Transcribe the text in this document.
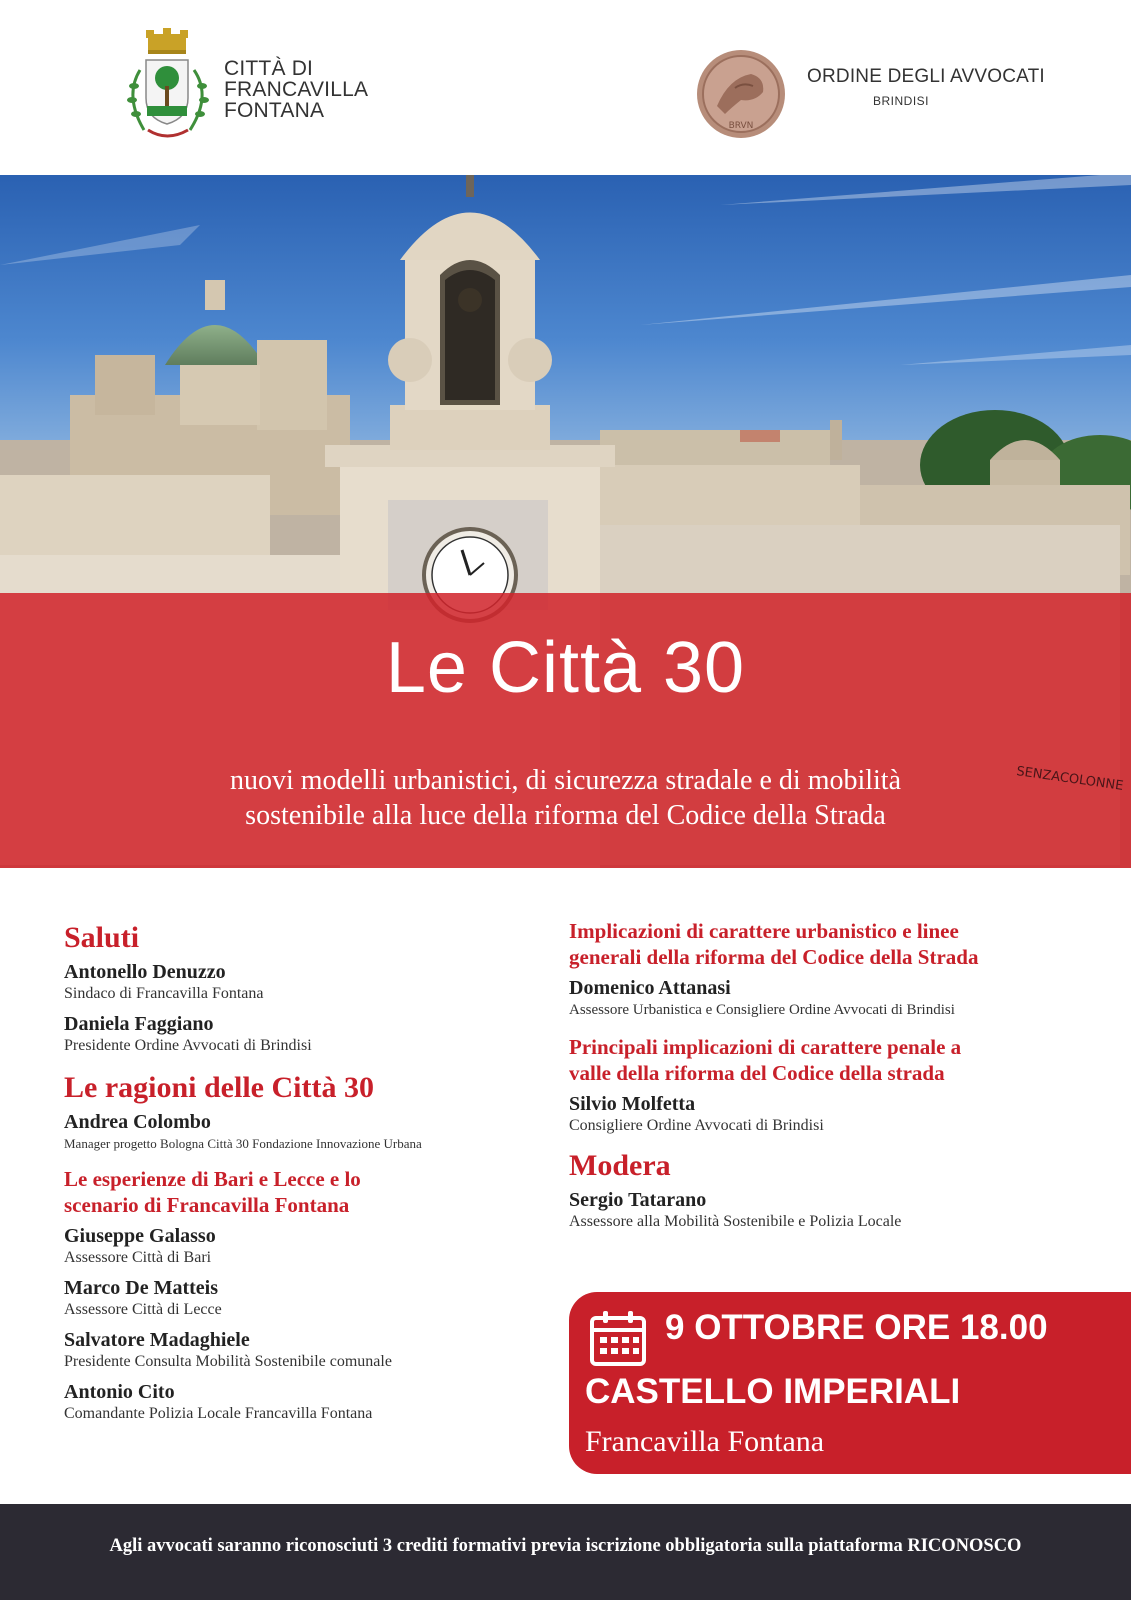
CITTÀ DI
FRANCAVILLA
FONTANA
BRVN
ORDINE DEGLI AVVOCATI
BRINDISI
SENZACOLONNE
Le Città 30
nuovi modelli urbanistici, di sicurezza stradale e di mobilità
sostenibile alla luce della riforma del Codice della Strada
Saluti
Antonello Denuzzo
Sindaco di Francavilla Fontana
Daniela Faggiano
Presidente Ordine Avvocati di Brindisi
Le ragioni delle Città 30
Andrea Colombo
Manager progetto Bologna Città 30 Fondazione Innovazione Urbana
Le esperienze di Bari e Lecce e lo
scenario di Francavilla Fontana
Giuseppe Galasso
Assessore Città di Bari
Marco De Matteis
Assessore Città di Lecce
Salvatore Madaghiele
Presidente Consulta Mobilità Sostenibile comunale
Antonio Cito
Comandante Polizia Locale Francavilla Fontana
Implicazioni di carattere urbanistico e linee
generali della riforma del Codice della Strada
Domenico Attanasi
Assessore Urbanistica e Consigliere Ordine Avvocati di Brindisi
Principali implicazioni di carattere penale a
valle della riforma del Codice della strada
Silvio Molfetta
Consigliere Ordine Avvocati di Brindisi
Modera
Sergio Tatarano
Assessore alla Mobilità Sostenibile e Polizia Locale
9 OTTOBRE ORE 18.00
CASTELLO IMPERIALI
Francavilla Fontana
Agli avvocati saranno riconosciuti 3 crediti formativi previa iscrizione obbligatoria sulla piattaforma RICONOSCO
